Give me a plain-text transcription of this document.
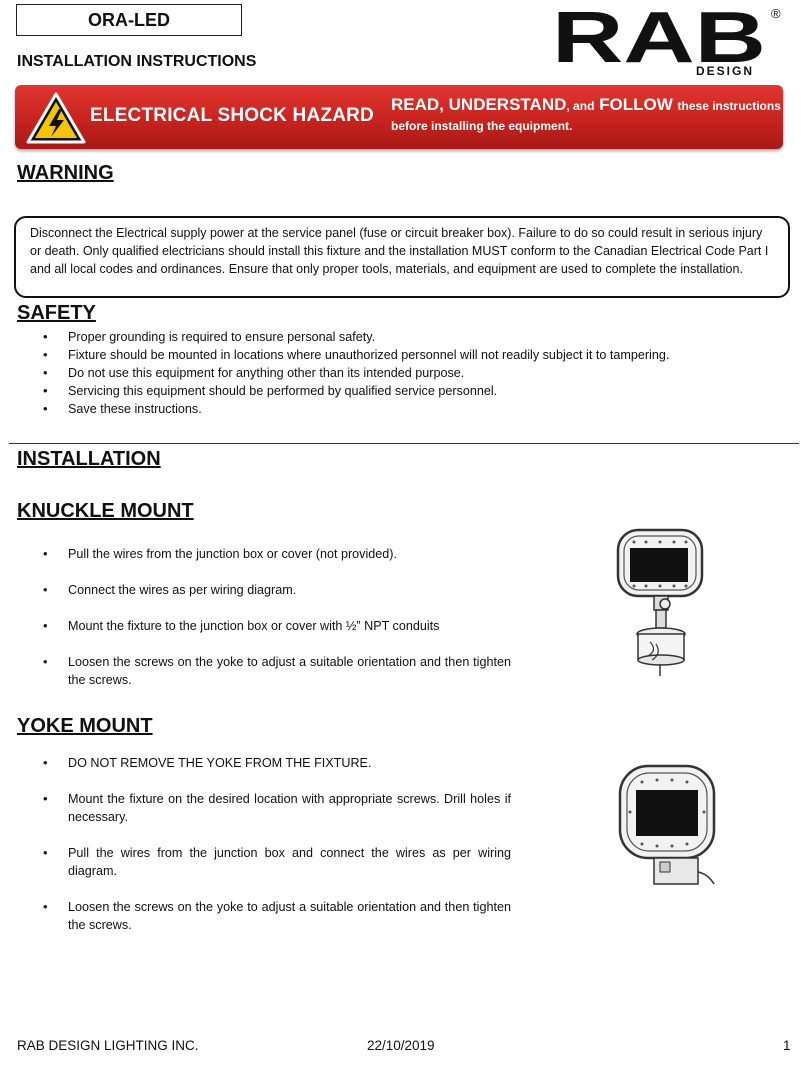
ORA-LED
INSTALLATION INSTRUCTIONS	RAB ®
DESIGN
ELECTRICAL SHOCK HAZARD
READ, UNDERSTAND, and FOLLOW these instructions
before installing the equipment.
WARNING
Disconnect the Electrical supply power at the service panel (fuse or circuit breaker box). Failure to do so could result in serious injury or death. Only qualified electricians should install this fixture and the installation MUST conform to the Canadian Electrical Code Part I and all local codes and ordinances. Ensure that only proper tools, materials, and equipment are used to complete the installation.
SAFETY
• Proper grounding is required to ensure personal safety.
• Fixture should be mounted in locations where unauthorized personnel will not readily subject it to tampering.
• Do not use this equipment for anything other than its intended purpose.
• Servicing this equipment should be performed by qualified service personnel.
• Save these instructions.
INSTALLATION
KNUCKLE MOUNT
• Pull the wires from the junction box or cover (not provided).
• Connect the wires as per wiring diagram.
• Mount the fixture to the junction box or cover with ½” NPT conduits
• Loosen the screws on the yoke to adjust a suitable orientation and then tighten the screws.
YOKE MOUNT
• DO NOT REMOVE THE YOKE FROM THE FIXTURE.
• Mount the fixture on the desired location with appropriate screws. Drill holes if necessary.
• Pull the wires from the junction box and connect the wires as per wiring diagram.
• Loosen the screws on the yoke to adjust a suitable orientation and then tighten the screws.
RAB DESIGN LIGHTING INC.	22/10/2019	1
